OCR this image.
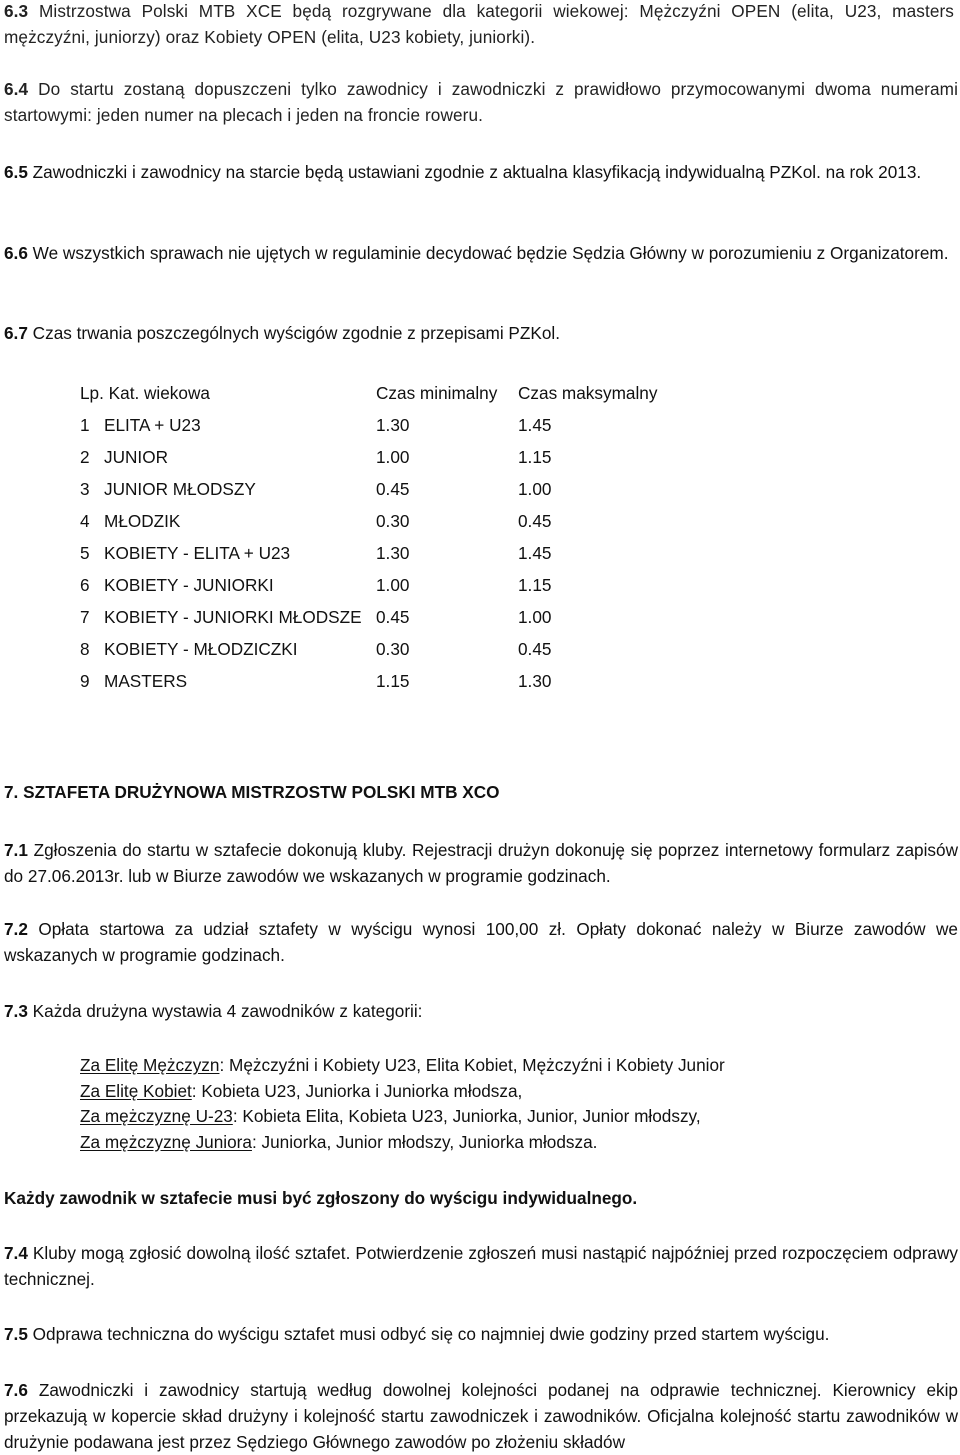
6.3 Mistrzostwa Polski MTB XCE będą rozgrywane dla kategorii wiekowej: Mężczyźni OPEN (elita, U23, masters mężczyźni, juniorzy) oraz Kobiety OPEN (elita, U23 kobiety, juniorki).

6.4 Do startu zostaną dopuszczeni tylko zawodnicy i zawodniczki z prawidłowo przymocowanymi dwoma numerami startowymi: jeden numer na plecach i jeden na froncie roweru.

6.5 Zawodniczki i zawodnicy na starcie będą ustawiani zgodnie z aktualna klasyfikacją indywidualną PZKol. na rok 2013.

6.6 We wszystkich sprawach nie ujętych w regulaminie decydować będzie Sędzia Główny w porozumieniu z Organizatorem.

6.7 Czas trwania poszczególnych wyścigów zgodnie z przepisami PZKol.

Lp. Kat. wiekowa	Czas minimalny Czas maksymalny
1 ELITA + U23	1.30	1.45
2 JUNIOR	1.00	1.15
3 JUNIOR MŁODSZY	0.45	1.00
4 MŁODZIK	0.30	0.45
5 KOBIETY - ELITA + U23	1.30	1.45
6 KOBIETY - JUNIORKI	1.00	1.15
7 KOBIETY - JUNIORKI MŁODSZE 0.45	1.00
8 KOBIETY - MŁODZICZKI	0.30	0.45
9 MASTERS	1.15	1.30
7. SZTAFETA DRUŻYNOWA MISTRZOSTW POLSKI MTB XCO

7.1 Zgłoszenia do startu w sztafecie dokonują kluby. Rejestracji drużyn dokonuję się poprzez internetowy formularz zapisów do 27.06.2013r. lub w Biurze zawodów we wskazanych w programie godzinach.

7.2 Opłata startowa za udział sztafety w wyścigu wynosi 100,00 zł. Opłaty dokonać należy w Biurze zawodów we wskazanych w programie godzinach.

7.3 Każda drużyna wystawia 4 zawodników z kategorii:

Za Elitę Mężczyzn: Mężczyźni i Kobiety U23, Elita Kobiet, Mężczyźni i Kobiety Junior
Za Elitę Kobiet: Kobieta U23, Juniorka i Juniorka młodsza,
Za mężczyznę U-23: Kobieta Elita, Kobieta U23, Juniorka, Junior, Junior młodszy,
Za mężczyznę Juniora: Juniorka, Junior młodszy, Juniorka młodsza.

Każdy zawodnik w sztafecie musi być zgłoszony do wyścigu indywidualnego.

7.4 Kluby mogą zgłosić dowolną ilość sztafet. Potwierdzenie zgłoszeń musi nastąpić najpóźniej przed rozpoczęciem odprawy technicznej.

7.5 Odprawa techniczna do wyścigu sztafet musi odbyć się co najmniej dwie godziny przed startem wyścigu.

7.6 Zawodniczki i zawodnicy startują według dowolnej kolejności podanej na odprawie technicznej. Kierownicy ekip przekazują w kopercie skład drużyny i kolejność startu zawodniczek i zawodników. Oficjalna kolejność startu zawodników w drużynie podawana jest przez Sędziego Głównego zawodów po złożeniu składów
